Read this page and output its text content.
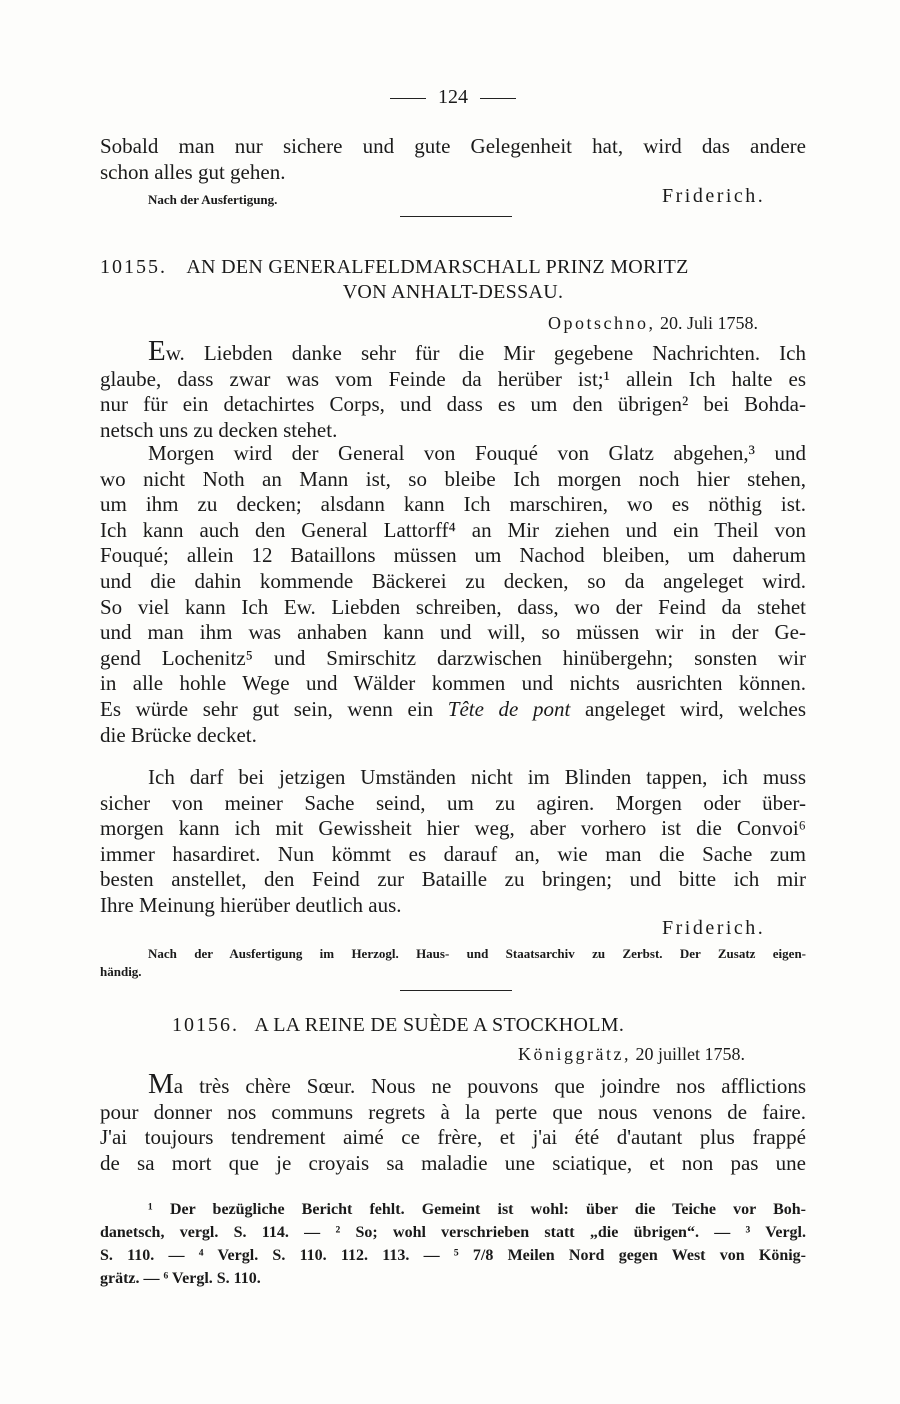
124
Sobald man nur sichere und gute Gelegenheit hat, wird das andere
schon alles gut gehen.
Nach der Ausfertigung.	Friderich.
10155. AN DEN GENERALFELDMARSCHALL PRINZ MORITZ
VON ANHALT-DESSAU.
Opotschno, 20. Juli 1758.
Ew. Liebden danke sehr für die Mir gegebene Nachrichten. Ich
glaube, dass zwar was vom Feinde da herüber ist;¹ allein Ich halte es
nur für ein detachirtes Corps, und dass es um den übrigen² bei Bohda-
netsch uns zu decken stehet.
Morgen wird der General von Fouqué von Glatz abgehen,³ und
wo nicht Noth an Mann ist, so bleibe Ich morgen noch hier stehen,
um ihm zu decken; alsdann kann Ich marschiren, wo es nöthig ist.
Ich kann auch den General Lattorff⁴ an Mir ziehen und ein Theil von
Fouqué; allein 12 Bataillons müssen um Nachod bleiben, um daherum
und die dahin kommende Bäckerei zu decken, so da angeleget wird.
So viel kann Ich Ew. Liebden schreiben, dass, wo der Feind da stehet
und man ihm was anhaben kann und will, so müssen wir in der Ge-
gend Lochenitz⁵ und Smirschitz darzwischen hinübergehn; sonsten wir
in alle hohle Wege und Wälder kommen und nichts ausrichten können.
Es würde sehr gut sein, wenn ein Tête de pont angeleget wird, welches
die Brücke decket.
Ich darf bei jetzigen Umständen nicht im Blinden tappen, ich muss
sicher von meiner Sache seind, um zu agiren. Morgen oder über-
morgen kann ich mit Gewissheit hier weg, aber vorhero ist die Convoi⁶
immer hasardiret. Nun kömmt es darauf an, wie man die Sache zum
besten anstellet, den Feind zur Bataille zu bringen; und bitte ich mir
Ihre Meinung hierüber deutlich aus.
Friderich.
Nach der Ausfertigung im Herzogl. Haus- und Staatsarchiv zu Zerbst. Der Zusatz eigen-
händig.
10156. A LA REINE DE SUÈDE A STOCKHOLM.
Königgrätz, 20 juillet 1758.
Ma très chère Sœur. Nous ne pouvons que joindre nos afflictions
pour donner nos communs regrets à la perte que nous venons de faire.
J'ai toujours tendrement aimé ce frère, et j'ai été d'autant plus frappé
de sa mort que je croyais sa maladie une sciatique, et non pas une
¹ Der bezügliche Bericht fehlt. Gemeint ist wohl: über die Teiche vor Boh-
danetsch, vergl. S. 114. — ² So; wohl verschrieben statt „die übrigen“. — ³ Vergl.
S. 110. — ⁴ Vergl. S. 110. 112. 113. — ⁵ 7/8 Meilen Nord gegen West von König-
grätz. — ⁶ Vergl. S. 110.
